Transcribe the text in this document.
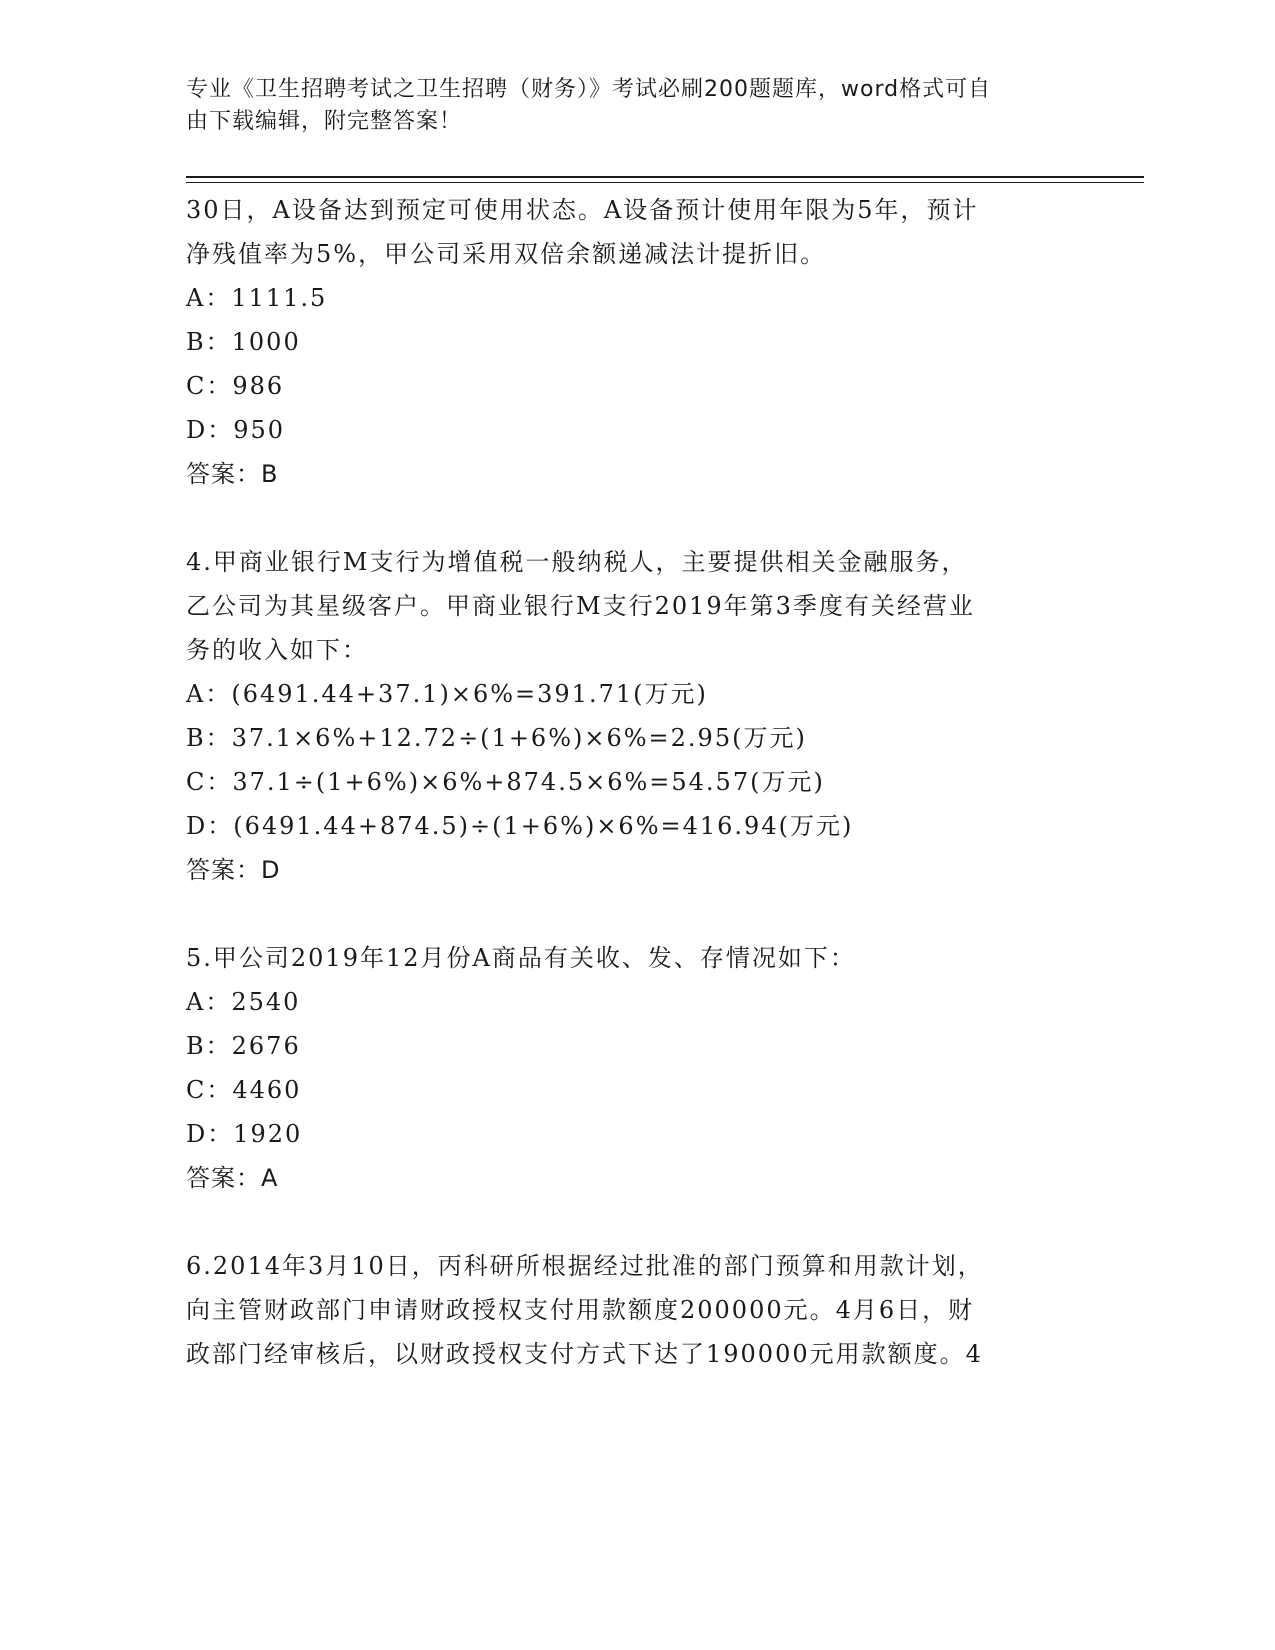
专业《卫生招聘考试之卫生招聘（财务）》考试必刷200题题库，word格式可自
由下载编辑，附完整答案！
30日，A设备达到预定可使用状态。A设备预计使用年限为5年，预计
净残值率为5%，甲公司采用双倍余额递减法计提折旧。
A：1111.5
B：1000
C：986
D：950
答案：B
4.甲商业银行M支行为增值税一般纳税人，主要提供相关金融服务，
乙公司为其星级客户。甲商业银行M支行2019年第3季度有关经营业
务的收入如下：
A：(6491.44+37.1)×6%=391.71(万元)
B：37.1×6%+12.72÷(1+6%)×6%=2.95(万元)
C：37.1÷(1+6%)×6%+874.5×6%=54.57(万元)
D：(6491.44+874.5)÷(1+6%)×6%=416.94(万元)
答案：D
5.甲公司2019年12月份A商品有关收、发、存情况如下：
A：2540
B：2676
C：4460
D：1920
答案：A
6.2014年3月10日，丙科研所根据经过批准的部门预算和用款计划，
向主管财政部门申请财政授权支付用款额度200000元。4月6日，财
政部门经审核后，以财政授权支付方式下达了190000元用款额度。4
